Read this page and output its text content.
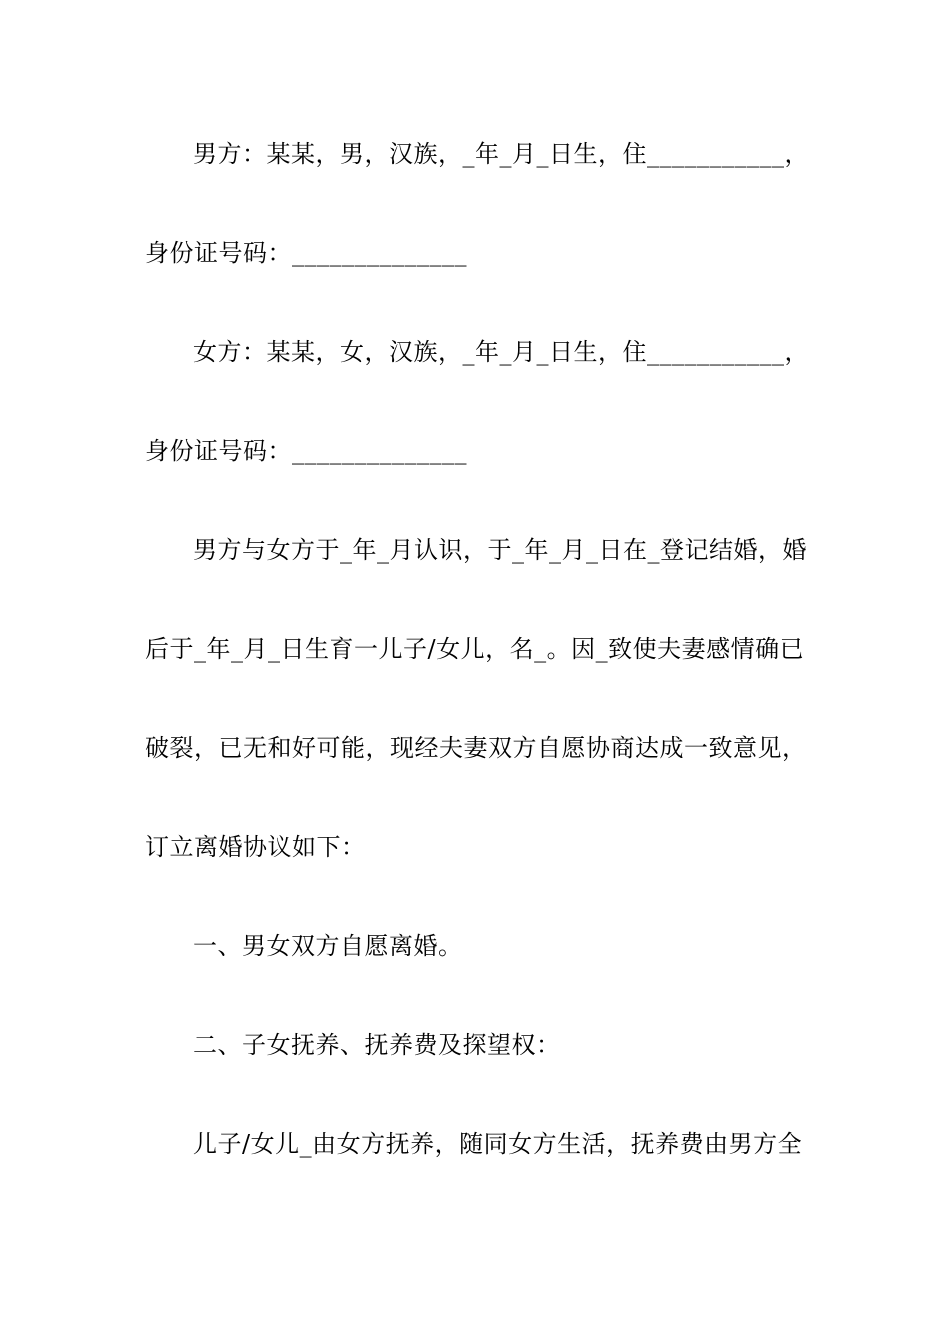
男方：某某，男，汉族，_年_月_日生，住___________，
身份证号码：______________
女方：某某，女，汉族，_年_月_日生，住___________，
身份证号码：______________
男方与女方于_年_月认识，于_年_月_日在_登记结婚，婚
后于_年_月_日生育一儿子/女儿，名_。因_致使夫妻感情确已
破裂，已无和好可能，现经夫妻双方自愿协商达成一致意见，
订立离婚协议如下：
一、男女双方自愿离婚。
二、子女抚养、抚养费及探望权：
儿子/女儿_由女方抚养，随同女方生活，抚养费由男方全
